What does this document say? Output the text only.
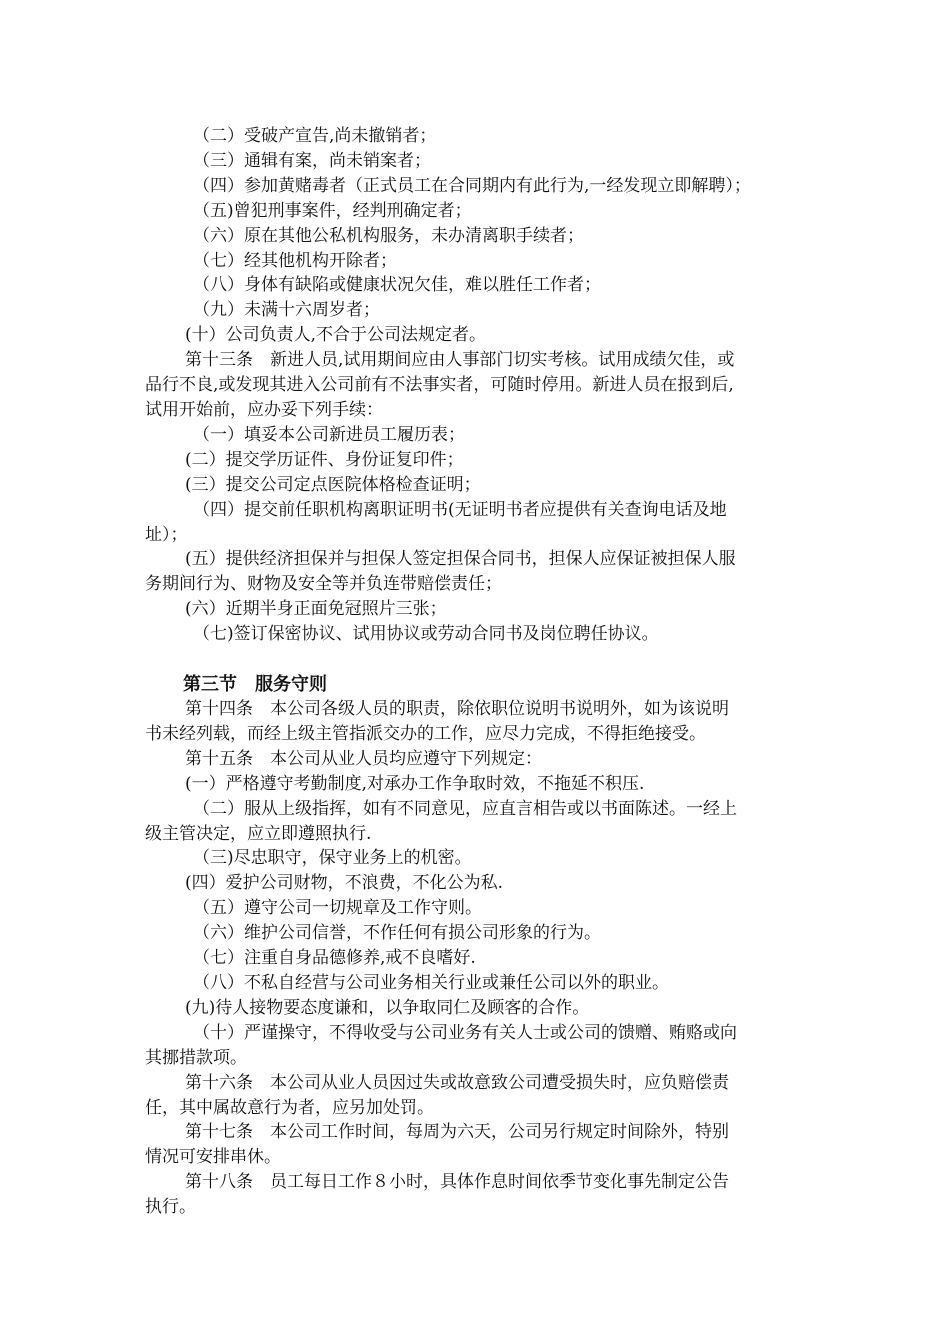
（二）受破产宣告,尚未撤销者；
（三）通辑有案，尚未销案者；
（四）参加黄赌毒者（正式员工在合同期内有此行为,一经发现立即解聘）；
（五)曾犯刑事案件，经判刑确定者；
（六）原在其他公私机构服务，未办清离职手续者；
（七）经其他机构开除者；
（八）身体有缺陷或健康状况欠佳，难以胜任工作者；
（九）未满十六周岁者；
(十）公司负责人,不合于公司法规定者。
第十三条　新进人员,试用期间应由人事部门切实考核。试用成绩欠佳，或
品行不良,或发现其进入公司前有不法事实者，可随时停用。新进人员在报到后,
试用开始前，应办妥下列手续：
（一）填妥本公司新进员工履历表；
(二）提交学历证件、身份证复印件；
(三）提交公司定点医院体格检查证明；
（四）提交前任职机构离职证明书(无证明书者应提供有关查询电话及地
址）；
(五）提供经济担保并与担保人签定担保合同书，担保人应保证被担保人服
务期间行为、财物及安全等并负连带赔偿责任；
(六）近期半身正面免冠照片三张；
（七)签订保密协议、试用协议或劳动合同书及岗位聘任协议。
第三节　服务守则
第十四条　本公司各级人员的职责，除依职位说明书说明外，如为该说明
书未经列载，而经上级主管指派交办的工作，应尽力完成，不得拒绝接受。
第十五条　本公司从业人员均应遵守下列规定：
(一）严格遵守考勤制度,对承办工作争取时效，不拖延不积压.
（二）服从上级指挥，如有不同意见，应直言相告或以书面陈述。一经上
级主管决定，应立即遵照执行.
（三)尽忠职守，保守业务上的机密。
(四）爱护公司财物，不浪费，不化公为私.
（五）遵守公司一切规章及工作守则。
（六）维护公司信誉，不作任何有损公司形象的行为。
（七）注重自身品德修养,戒不良嗜好.
（八）不私自经营与公司业务相关行业或兼任公司以外的职业。
(九)待人接物要态度谦和，以争取同仁及顾客的合作。
（十）严谨操守，不得收受与公司业务有关人士或公司的馈赠、贿赂或向
其挪措款项。
第十六条　本公司从业人员因过失或故意致公司遭受损失时，应负赔偿责
任，其中属故意行为者，应另加处罚。
第十七条　本公司工作时间，每周为六天，公司另行规定时间除外，特别
情况可安排串休。
第十八条　员工每日工作８小时，具体作息时间依季节变化事先制定公告
执行。
